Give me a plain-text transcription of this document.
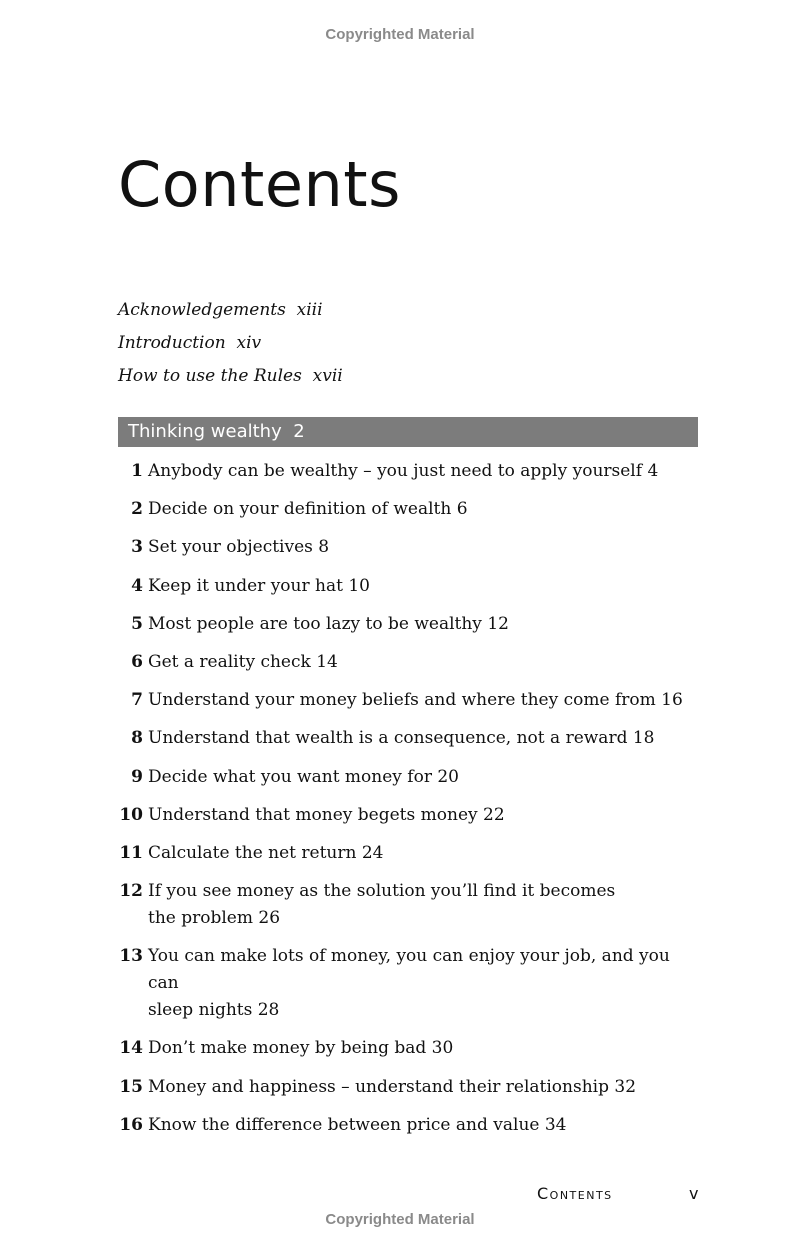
Copyrighted Material
Contents
Acknowledgements xiii
Introduction xiv
How to use the Rules xvii
Thinking wealthy 2
1 Anybody can be wealthy – you just need to apply yourself 4
2 Decide on your definition of wealth 6
3 Set your objectives 8
4 Keep it under your hat 10
5 Most people are too lazy to be wealthy 12
6 Get a reality check 14
7 Understand your money beliefs and where they come from 16
8 Understand that wealth is a consequence, not a reward 18
9 Decide what you want money for 20
10 Understand that money begets money 22
11 Calculate the net return 24
12 If you see money as the solution you’ll find it becomes
the problem 26
13 You can make lots of money, you can enjoy your job, and you can
sleep nights 28
14 Don’t make money by being bad 30
15 Money and happiness – understand their relationship 32
16 Know the difference between price and value 34
Contents	v
Copyrighted Material
